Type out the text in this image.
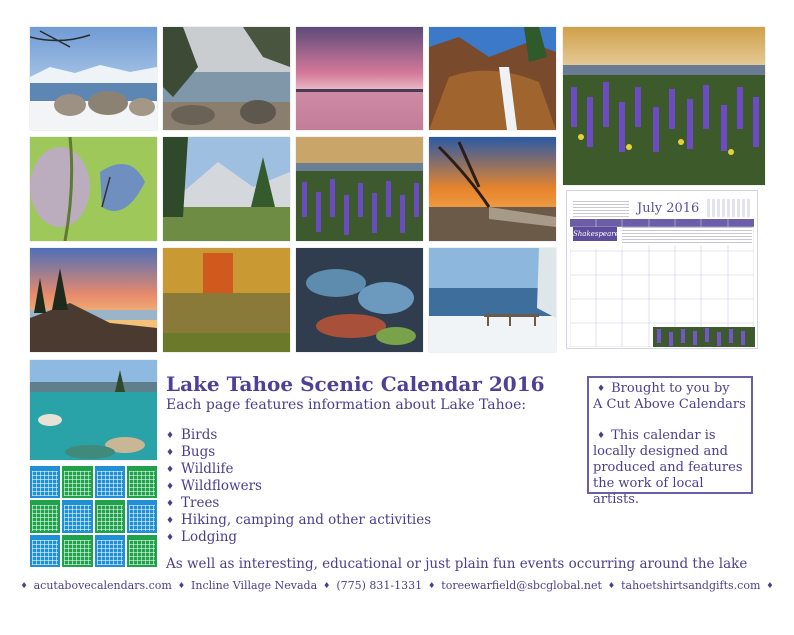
July 2016
Shakespeare
Lake Tahoe Scenic Calendar 2016
Each page features information about Lake Tahoe:
♦ Birds
♦ Bugs
♦ Wildlife
♦ Wildflowers
♦ Trees
♦ Hiking, camping and other activities
♦ Lodging
As well as interesting, educational or just plain fun events occurring around the lake

♦ Brought to you by

A Cut Above Calendars

♦ This calendar is locally designed and produced and features the work of local artists.

♦ acutabovecalendars.com ♦ Incline Village Nevada ♦ (775) 831-1331 ♦ toreewarfield@sbcglobal.net ♦ tahoetshirtsandgifts.com ♦
